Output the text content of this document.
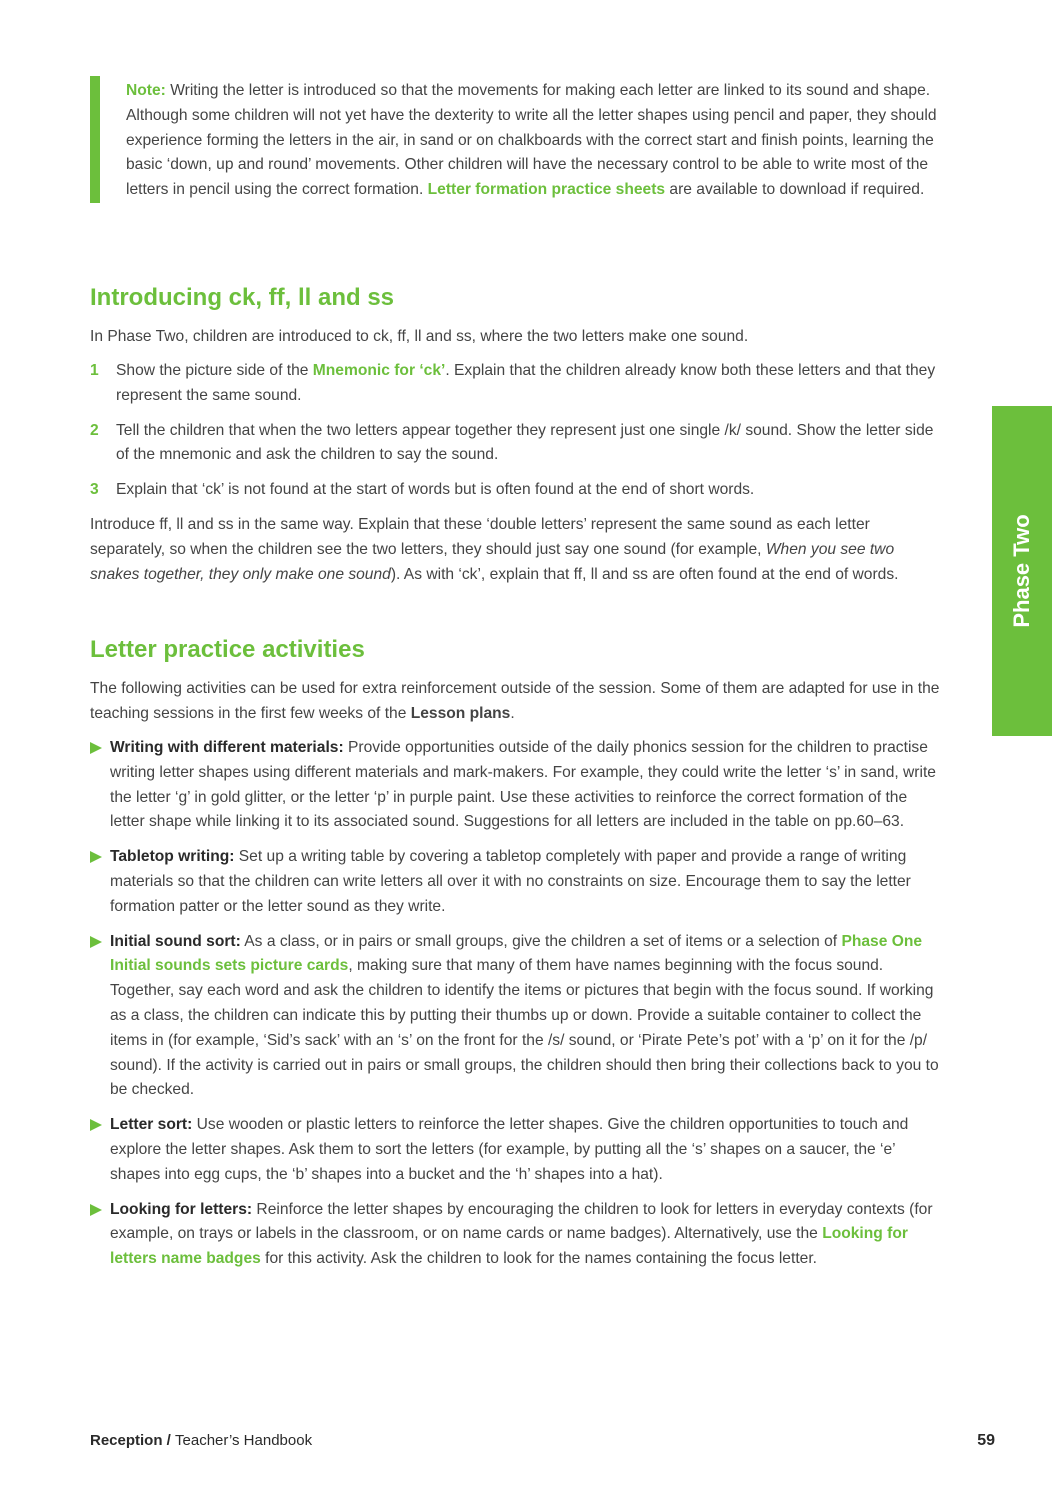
Note: Writing the letter is introduced so that the movements for making each letter are linked to its sound and shape. Although some children will not yet have the dexterity to write all the letter shapes using pencil and paper, they should experience forming the letters in the air, in sand or on chalkboards with the correct start and finish points, learning the basic ‘down, up and round’ movements. Other children will have the necessary control to be able to write most of the letters in pencil using the correct formation. Letter formation practice sheets are available to download if required.

Introducing ck, ff, ll and ss

In Phase Two, children are introduced to ck, ff, ll and ss, where the two letters make one sound.

1 Show the picture side of the Mnemonic for ‘ck’. Explain that the children already know both these letters and that they represent the same sound.
2 Tell the children that when the two letters appear together they represent just one single /k/ sound. Show the letter side of the mnemonic and ask the children to say the sound.
3 Explain that ‘ck’ is not found at the start of words but is often found at the end of short words.

Introduce ff, ll and ss in the same way. Explain that these ‘double letters’ represent the same sound as each letter separately, so when the children see the two letters, they should just say one sound (for example, When you see two snakes together, they only make one sound). As with ‘ck’, explain that ff, ll and ss are often found at the end of words.

Letter practice activities

The following activities can be used for extra reinforcement outside of the session. Some of them are adapted for use in the teaching sessions in the first few weeks of the Lesson plans.

Writing with different materials: Provide opportunities outside of the daily phonics session for the children to practise writing letter shapes using different materials and mark-makers. For example, they could write the letter ‘s’ in sand, write the letter ‘g’ in gold glitter, or the letter ‘p’ in purple paint. Use these activities to reinforce the correct formation of the letter shape while linking it to its associated sound. Suggestions for all letters are included in the table on pp.60–63.
Tabletop writing: Set up a writing table by covering a tabletop completely with paper and provide a range of writing materials so that the children can write letters all over it with no constraints on size. Encourage them to say the letter formation patter or the letter sound as they write.
Initial sound sort: As a class, or in pairs or small groups, give the children a set of items or a selection of Phase One Initial sounds sets picture cards, making sure that many of them have names beginning with the focus sound. Together, say each word and ask the children to identify the items or pictures that begin with the focus sound. If working as a class, the children can indicate this by putting their thumbs up or down. Provide a suitable container to collect the items in (for example, ‘Sid’s sack’ with an ‘s’ on the front for the /s/ sound, or ‘Pirate Pete’s pot’ with a ‘p’ on it for the /p/ sound). If the activity is carried out in pairs or small groups, the children should then bring their collections back to you to be checked.
Letter sort: Use wooden or plastic letters to reinforce the letter shapes. Give the children opportunities to touch and explore the letter shapes. Ask them to sort the letters (for example, by putting all the ‘s’ shapes on a saucer, the ‘e’ shapes into egg cups, the ‘b’ shapes into a bucket and the ‘h’ shapes into a hat).
Looking for letters: Reinforce the letter shapes by encouraging the children to look for letters in everyday contexts (for example, on trays or labels in the classroom, or on name cards or name badges). Alternatively, use the Looking for letters name badges for this activity. Ask the children to look for the names containing the focus letter.
Phase Two
Reception / Teacher’s Handbook	59
